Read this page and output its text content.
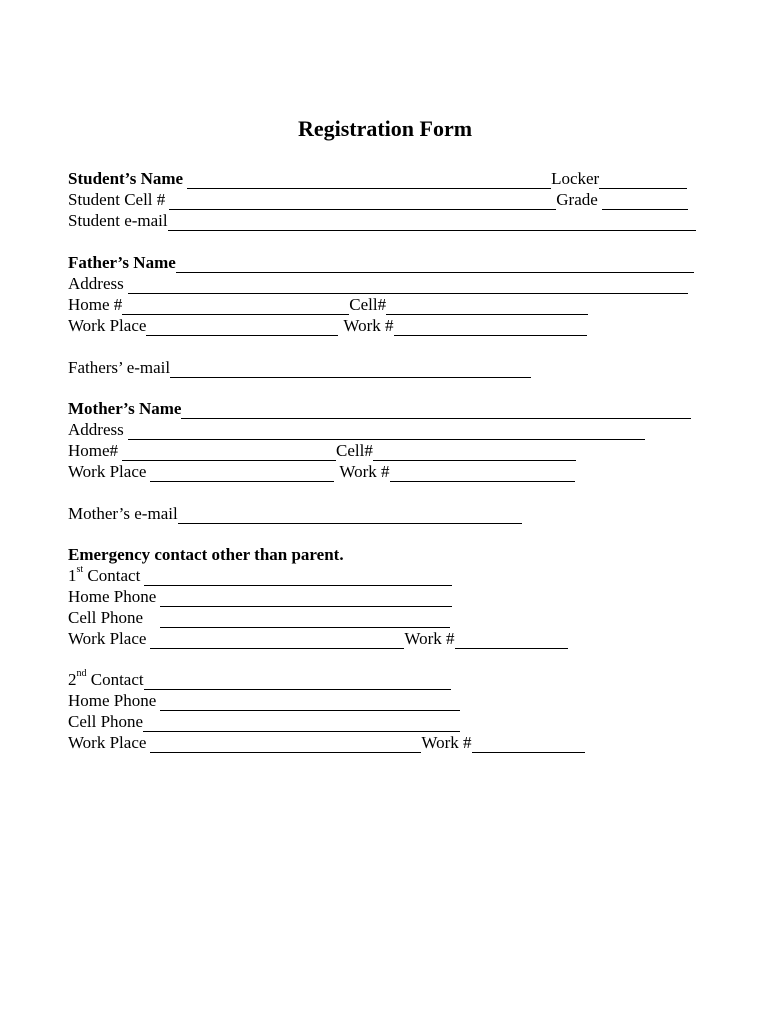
Registration Form
Student’s Name	Locker
Student Cell #	Grade
Student e-mail
Father’s Name
Address
Home #	Cell#
Work Place	Work #
Fathers’ e-mail
Mother’s Name
Address
Home#	Cell#
Work Place	Work #
Mother’s e-mail
Emergency contact other than parent.
1st Contact
Home Phone
Cell Phone
Work Place	Work #
2nd Contact
Home Phone
Cell Phone
Work Place	Work #
